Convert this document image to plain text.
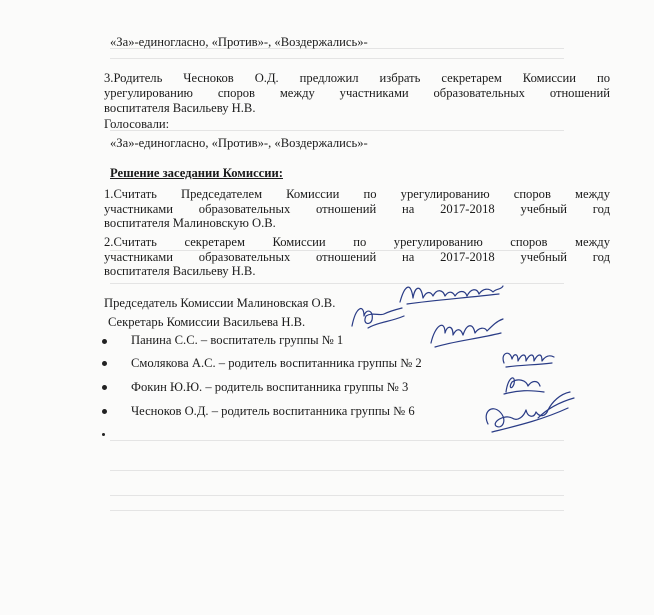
«За»-единогласно, «Против»-, «Воздержались»-
3.Родитель Чесноков О.Д. предложил избрать секретарем Комиссии по
урегулированию споров между участниками образовательных отношений
воспитателя Васильеву Н.В.
Голосовали:
«За»-единогласно, «Против»-, «Воздержались»-
Решение заседании Комиссии:
1.Считать Председателем Комиссии по урегулированию споров между
участниками образовательных отношений на 2017-2018 учебный год
воспитателя Малиновскую О.В.
2.Считать секретарем Комиссии по урегулированию споров между
участниками образовательных отношений на 2017-2018 учебный год
воспитателя Васильеву Н.В.
Председатель Комиссии Малиновская О.В.
Секретарь Комиссии Васильева Н.В.
Панина С.С. – воспитатель группы № 1
Смолякова А.С. – родитель воспитанника группы № 2
Фокин Ю.Ю. – родитель воспитанника группы № 3
Чесноков О.Д. – родитель воспитанника группы № 6
